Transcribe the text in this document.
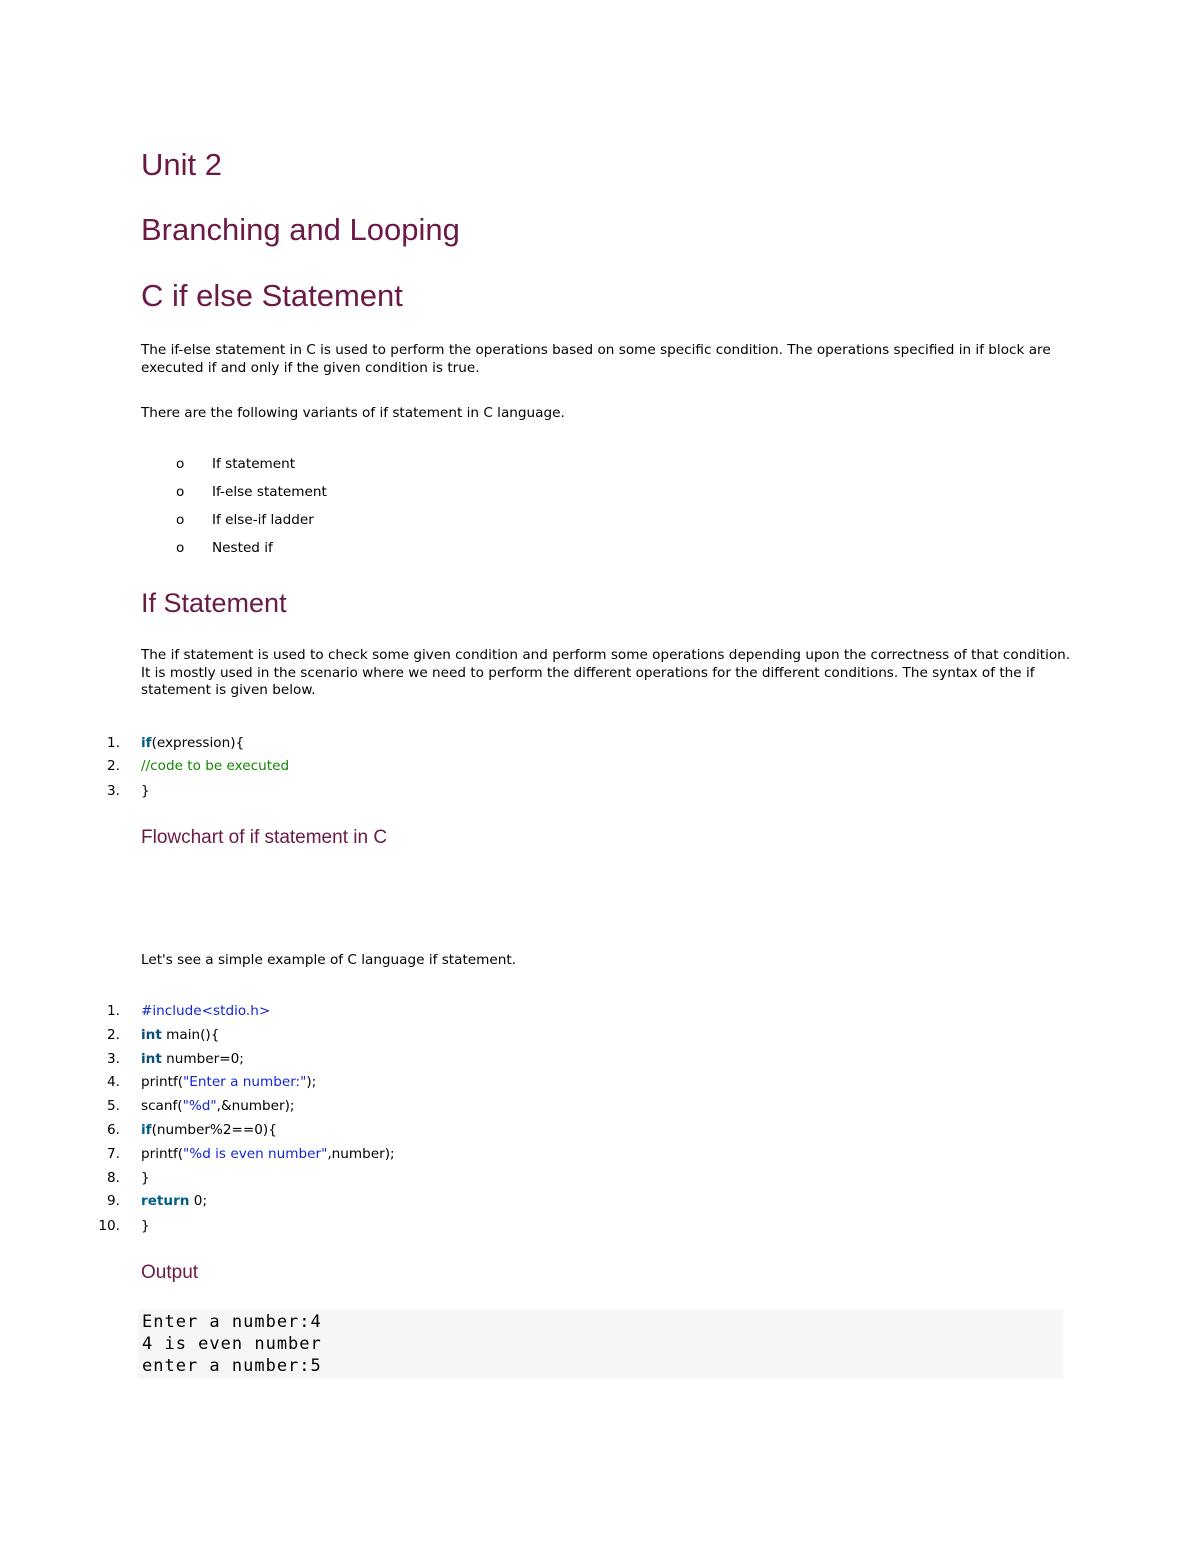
Unit 2
Branching and Looping
C if else Statement
The if-else statement in C is used to perform the operations based on some specific condition. The operations specified in if block are executed if and only if the given condition is true.
There are the following variants of if statement in C language.
o If statement
o If-else statement
o If else-if ladder
o Nested if
If Statement
The if statement is used to check some given condition and perform some operations depending upon the correctness of that condition. It is mostly used in the scenario where we need to perform the different operations for the different conditions. The syntax of the if statement is given below.
1. if(expression){
2. //code to be executed
3. }
Flowchart of if statement in C
Let's see a simple example of C language if statement.
1. #include<stdio.h>
2. int main(){
3. int number=0;
4. printf("Enter a number:");
5. scanf("%d",&number);
6. if(number%2==0){
7. printf("%d is even number",number);
8. }
9. return 0;
10. }
Output
Enter a number:4
4 is even number
enter a number:5
